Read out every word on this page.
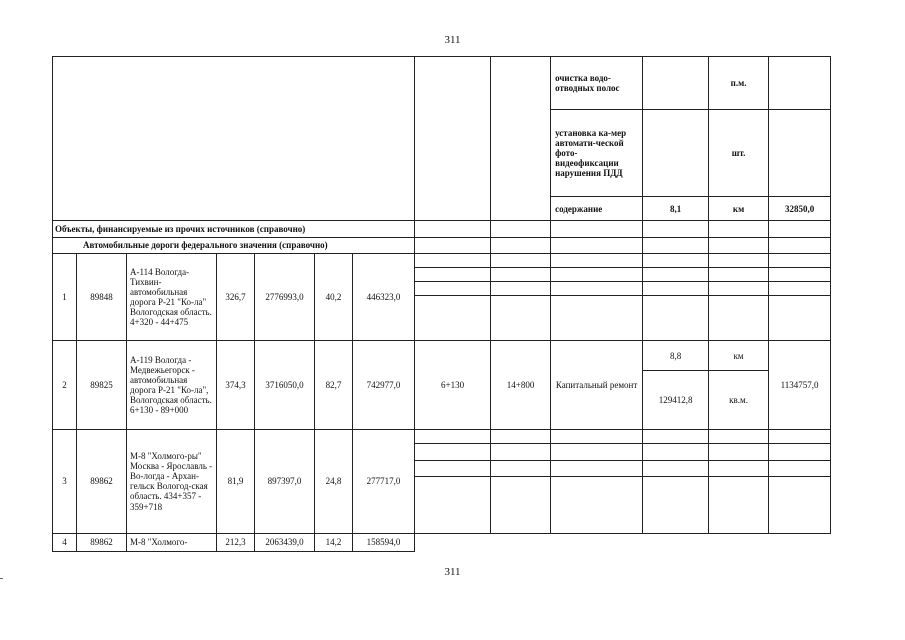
311
									очистка водо-отводных полос		п.м.	
									установка ка-мер автомати-ческой фото-видеофиксации нарушения ПДД		шт.	
									содержание	8,1	км	32850,0
Объекты, финансируемые из прочих источников (справочно)												
Автомобильные дороги федерального значения (справочно)												
1	89848	А-114 Вологда-Тихвин-автомобильная дорога Р-21 "Ко-ла" Вологодская область. 4+320 - 44+475	326,7	2776993,0	40,2	446323,0						

2	89825	А-119 Вологда - Медвежьегорск - автомобильная дорога Р-21 "Ко-ла", Вологодская область. 6+130 - 89+000	374,3	3716050,0	82,7	742977,0	6+130	14+800	Капитальный ремонт	8,8	км	1134757,0
										129412,8	кв.м.	
3	89862	М-8 "Холмого-ры" Москва - Ярославль - Во-логда - Архан-гельск Вологод-ская область. 434+357 - 359+718	81,9	897397,0	24,8	277717,0						

4	89862	М-8 "Холмого-	212,3	2063439,0	14,2	158594,0						
311
